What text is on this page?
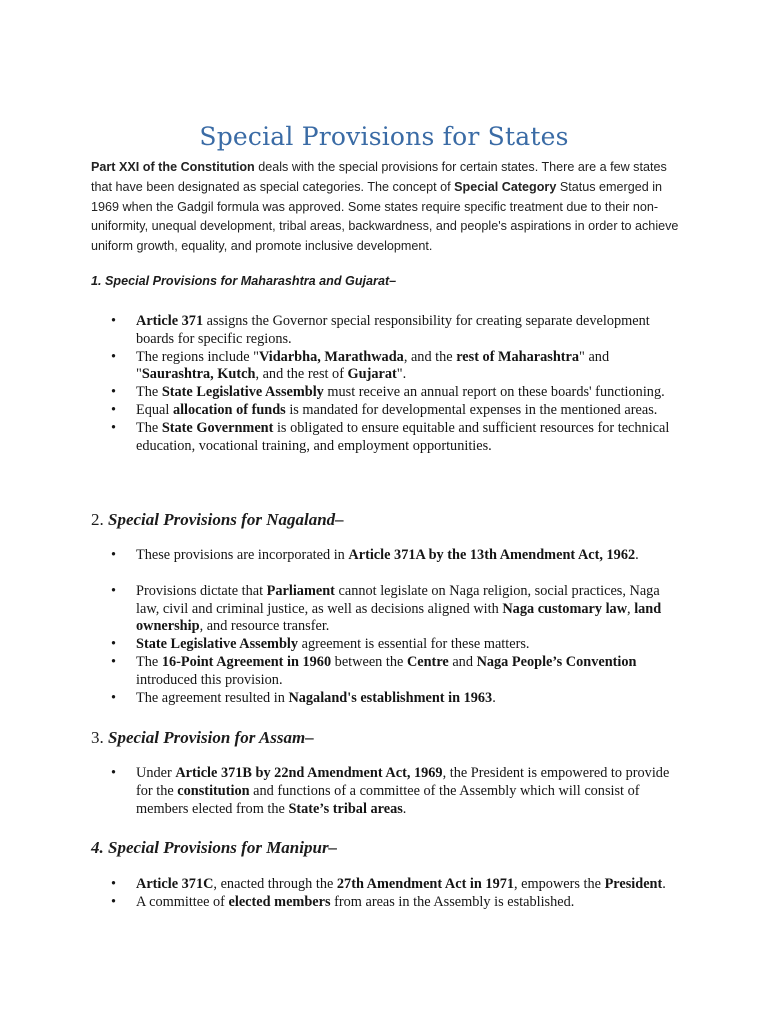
Special Provisions for States

Part XXI of the Constitution deals with the special provisions for certain states. There are a few states that have been designated as special categories. The concept of Special Category Status emerged in 1969 when the Gadgil formula was approved. Some states require specific treatment due to their non-uniformity, unequal development, tribal areas, backwardness, and people's aspirations in order to achieve uniform growth, equality, and promote inclusive development.

1. Special Provisions for Maharashtra and Gujarat–
• Article 371 assigns the Governor special responsibility for creating separate development boards for specific regions.
• The regions include "Vidarbha, Marathwada, and the rest of Maharashtra" and "Saurashtra, Kutch, and the rest of Gujarat".
• The State Legislative Assembly must receive an annual report on these boards' functioning.
• Equal allocation of funds is mandated for developmental expenses in the mentioned areas.
• The State Government is obligated to ensure equitable and sufficient resources for technical education, vocational training, and employment opportunities.
2. Special Provisions for Nagaland–
• These provisions are incorporated in Article 371A by the 13th Amendment Act, 1962.
• Provisions dictate that Parliament cannot legislate on Naga religion, social practices, Naga law, civil and criminal justice, as well as decisions aligned with Naga customary law, land ownership, and resource transfer.
• State Legislative Assembly agreement is essential for these matters.
• The 16-Point Agreement in 1960 between the Centre and Naga People’s Convention introduced this provision.
• The agreement resulted in Nagaland's establishment in 1963.
3. Special Provision for Assam–
• Under Article 371B by 22nd Amendment Act, 1969, the President is empowered to provide for the constitution and functions of a committee of the Assembly which will consist of members elected from the State’s tribal areas.
4. Special Provisions for Manipur–
• Article 371C, enacted through the 27th Amendment Act in 1971, empowers the President.
• A committee of elected members from areas in the Assembly is established.
